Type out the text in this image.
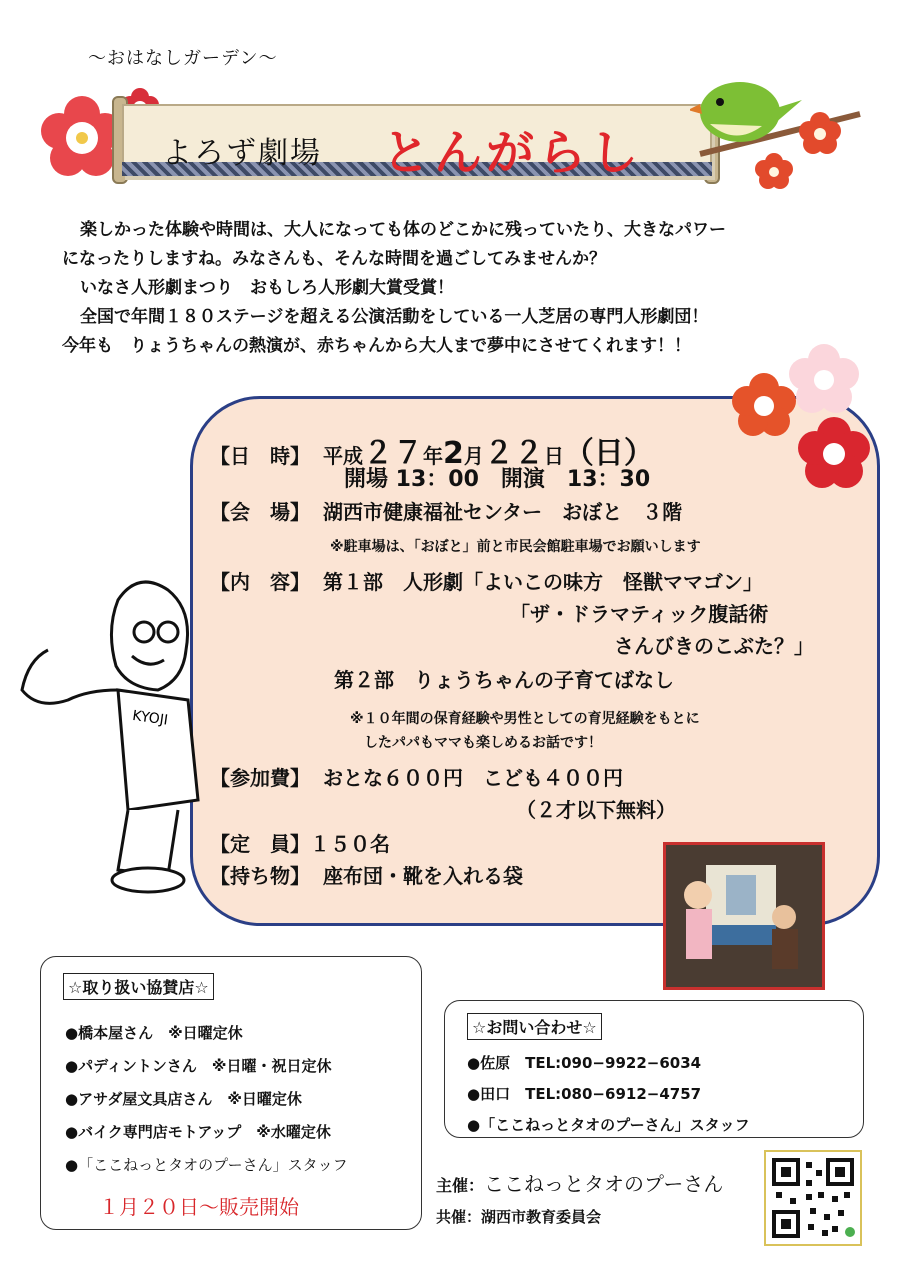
～おはなしガーデン～
よろず劇場 とんがらし

楽しかった体験や時間は、大人になっても体のどこかに残っていたり、大きなパワー

になったりしますね。みなさんも、そんな時間を過ごしてみませんか？

いなさ人形劇まつり　おもしろ人形劇大賞受賞！

全国で年間１８０ステージを超える公演活動をしている一人芝居の専門人形劇団！

今年も　りょうちゃんの熱演が、赤ちゃんから大人まで夢中にさせてくれます！！

KYOJI
【日　時】 平成２７年2月２２日（日）
開場 13：00　開演　13：30
【会　場】 湖西市健康福祉センター　おぼと　３階
※駐車場は、「おぼと」前と市民会館駐車場でお願いします
【内　容】 第１部　人形劇「よいこの味方　怪獣ママゴン」
「ザ・ドラマティック腹話術
さんびきのこぶた？」
第２部　りょうちゃんの子育てばなし
※１０年間の保育経験や男性としての育児経験をもとに
したパパもママも楽しめるお話です！
【参加費】 おとな６００円　こども４００円
（２才以下無料）
【定　員】１５０名
【持ち物】 座布団・靴を入れる袋
☆取り扱い協賛店☆
●橋本屋さん　※日曜定休
●パディントンさん　※日曜・祝日定休
●アサダ屋文具店さん　※日曜定休
●バイク専門店モトアップ　※水曜定休
●「ここねっとタオのプーさん」スタッフ
１月２０日～販売開始
☆お問い合わせ☆
●佐原　TEL:090−9922−6034
●田口　TEL:080−6912−4757
●「ここねっとタオのプーさん」スタッフ
主催：ここねっとタオのプーさん
共催：湖西市教育委員会
